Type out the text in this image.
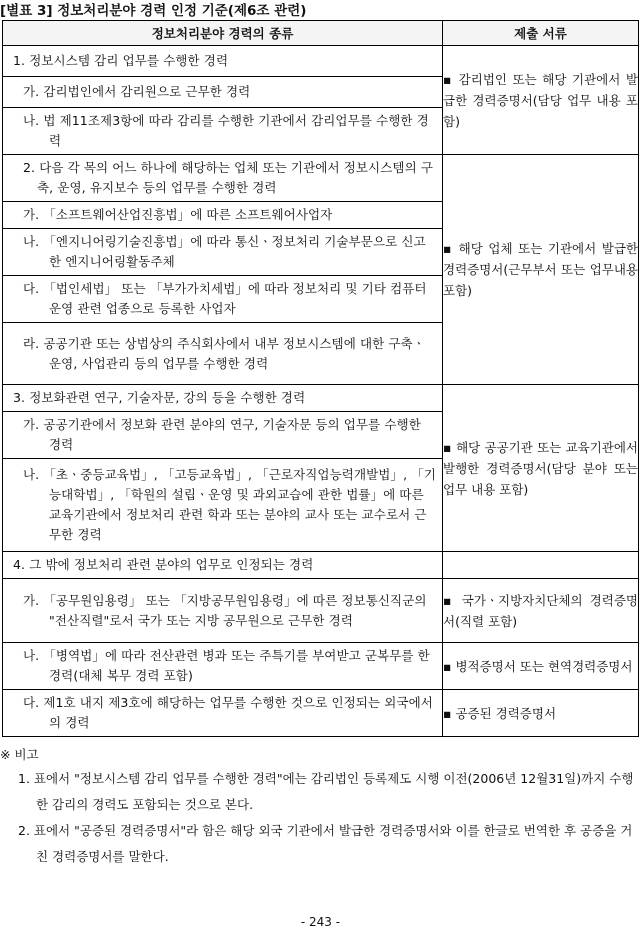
[별표 3] 정보처리분야 경력 인정 기준(제6조 관련)
정보처리분야 경력의 종류	제출 서류

1. 정보시스템 감리 업무를 수행한 경력	▪ 감리법인 또는 해당 기관에서 발급한 경력증명서(담당 업무 내용 포함)

가. 감리법인에서 감리원으로 근무한 경력	

나. 법 제11조제3항에 따라 감리를 수행한 기관에서 감리업무를 수행한 경력	

2. 다음 각 목의 어느 하나에 해당하는 업체 또는 기관에서 정보시스템의 구축, 운영, 유지보수 등의 업무를 수행한 경력	▪ 해당 업체 또는 기관에서 발급한 경력증명서(근무부서 또는 업무내용 포함)

가. 「소프트웨어산업진흥법」에 따른 소프트웨어사업자	

나. 「엔지니어링기술진흥법」에 따라 통신ㆍ정보처리 기술부문으로 신고한 엔지니어링활동주체	

다. 「법인세법」 또는 「부가가치세법」에 따라 정보처리 및 기타 컴퓨터 운영 관련 업종으로 등록한 사업자	

라. 공공기관 또는 상법상의 주식회사에서 내부 정보시스템에 대한 구축ㆍ운영, 사업관리 등의 업무를 수행한 경력	

3. 정보화관련 연구, 기술자문, 강의 등을 수행한 경력	▪ 해당 공공기관 또는 교육기관에서 발행한 경력증명서(담당 분야 또는 업무 내용 포함)

가. 공공기관에서 정보화 관련 분야의 연구, 기술자문 등의 업무를 수행한 경력	

나. 「초ㆍ중등교육법」, 「고등교육법」, 「근로자직업능력개발법」, 「기능대학법」, 「학원의 설립ㆍ운영 및 과외교습에 관한 법률」에 따른 교육기관에서 정보처리 관련 학과 또는 분야의 교사 또는 교수로서 근무한 경력	

4. 그 밖에 정보처리 관련 분야의 업무로 인정되는 경력	

가. 「공무원임용령」 또는 「지방공무원임용령」에 따른 정보통신직군의 "전산직렬"로서 국가 또는 지방 공무원으로 근무한 경력	▪ 국가ㆍ지방자치단체의 경력증명서(직렬 포함)

나. 「병역법」에 따라 전산관련 병과 또는 주특기를 부여받고 군복무를 한 경력(대체 복무 경력 포함)	▪ 병적증명서 또는 현역경력증명서

다. 제1호 내지 제3호에 해당하는 업무를 수행한 것으로 인정되는 외국에서의 경력	▪ 공증된 경력증명서
※ 비고
1. 표에서 "정보시스템 감리 업무를 수행한 경력"에는 감리법인 등록제도 시행 이전(2006년 12월31일)까지 수행한 감리의 경력도 포함되는 것으로 본다.
2. 표에서 "공증된 경력증명서"라 함은 해당 외국 기관에서 발급한 경력증명서와 이를 한글로 번역한 후 공증을 거친 경력증명서를 말한다.
- 243 -
